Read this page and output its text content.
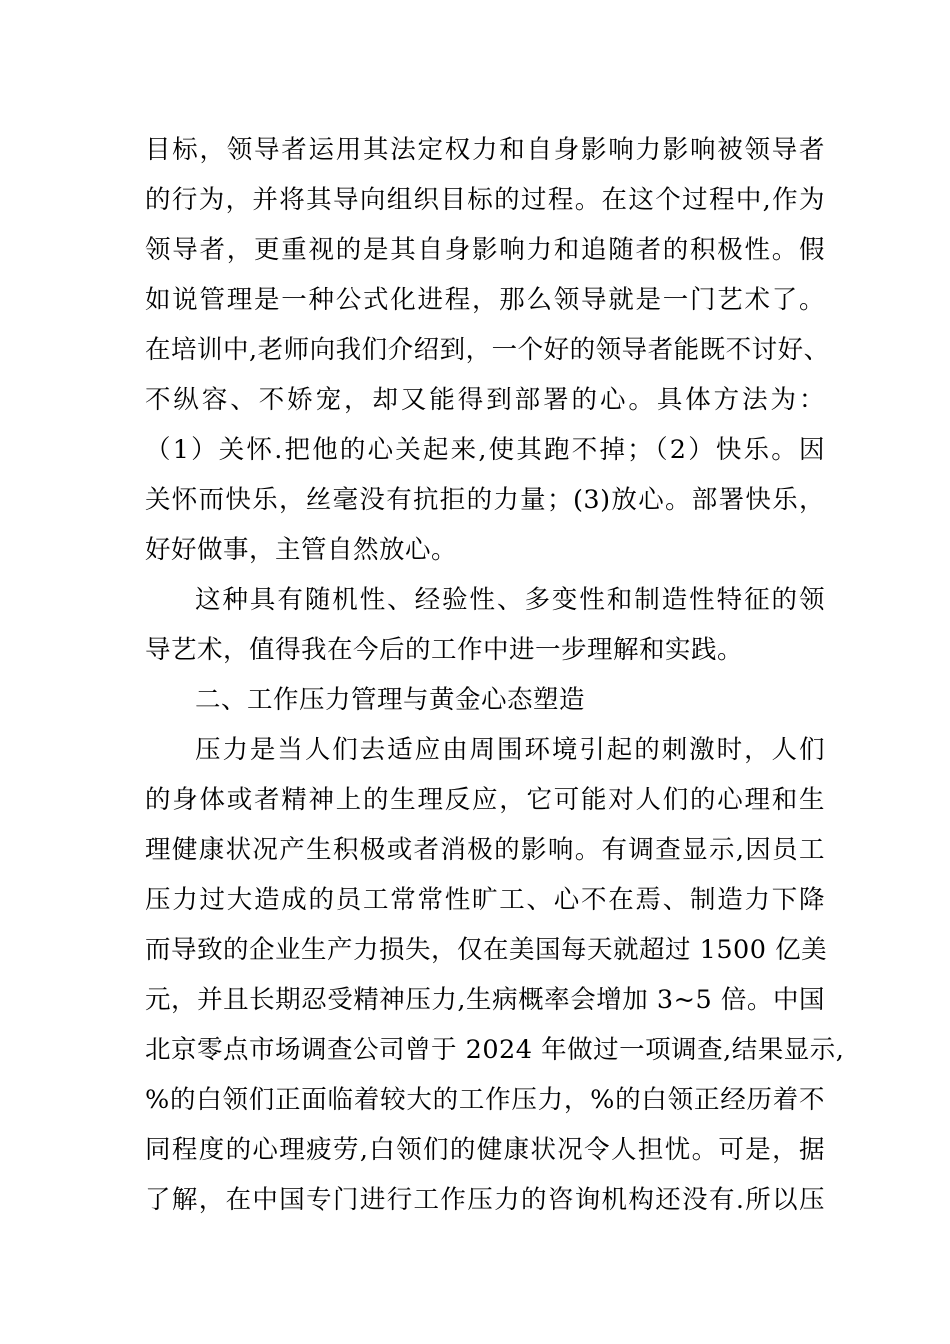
目标，领导者运用其法定权力和自身影响力影响被领导者
的行为，并将其导向组织目标的过程。在这个过程中,作为
领导者，更重视的是其自身影响力和追随者的积极性。假
如说管理是一种公式化进程，那么领导就是一门艺术了。
在培训中,老师向我们介绍到，一个好的领导者能既不讨好、
不纵容、不娇宠，却又能得到部署的心。具体方法为：
（1）关怀.把他的心关起来,使其跑不掉；（2）快乐。因
关怀而快乐，丝毫没有抗拒的力量；(3)放心。部署快乐，
好好做事，主管自然放心。
这种具有随机性、经验性、多变性和制造性特征的领
导艺术，值得我在今后的工作中进一步理解和实践。
二、工作压力管理与黄金心态塑造
压力是当人们去适应由周围环境引起的刺激时，人们
的身体或者精神上的生理反应，它可能对人们的心理和生
理健康状况产生积极或者消极的影响。有调查显示,因员工
压力过大造成的员工常常性旷工、心不在焉、制造力下降
而导致的企业生产力损失，仅在美国每天就超过 1500 亿美
元，并且长期忍受精神压力,生病概率会增加 3~5 倍。中国
北京零点市场调查公司曾于 2024 年做过一项调查,结果显示,
%的白领们正面临着较大的工作压力，%的白领正经历着不
同程度的心理疲劳,白领们的健康状况令人担忧。可是，据
了解，在中国专门进行工作压力的咨询机构还没有.所以压
